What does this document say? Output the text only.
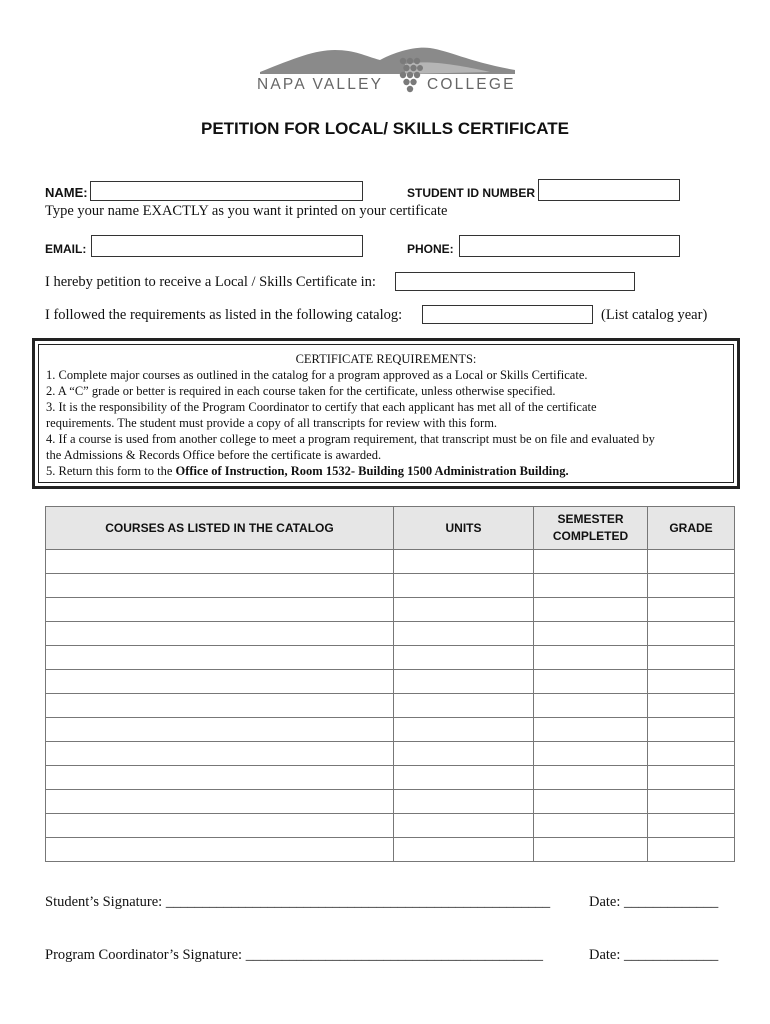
NAPA VALLEY	COLLEGE
PETITION FOR LOCAL/ SKILLS CERTIFICATE
NAME:	STUDENT ID NUMBER
Type your name EXACTLY as you want it printed on your certificate
EMAIL:	PHONE:
I hereby petition to receive a Local / Skills Certificate in:
I followed the requirements as listed in the following catalog:	(List catalog year)
CERTIFICATE REQUIREMENTS:
1. Complete major courses as outlined in the catalog for a program approved as a Local or Skills Certificate.
2. A “C” grade or better is required in each course taken for the certificate, unless otherwise specified.
3. It is the responsibility of the Program Coordinator to certify that each applicant has met all of the certificate
requirements. The student must provide a copy of all transcripts for review with this form.
4. If a course is used from another college to meet a program requirement, that transcript must be on file and evaluated by
the Admissions & Records Office before the certificate is awarded.
5. Return this form to the Office of Instruction, Room 1532- Building 1500 Administration Building.
COURSES AS LISTED IN THE CATALOG	UNITS	SEMESTER
COMPLETED	GRADE

Student’s Signature: _____________________________________________________	Date: _____________
Program Coordinator’s Signature: _________________________________________	Date: _____________
